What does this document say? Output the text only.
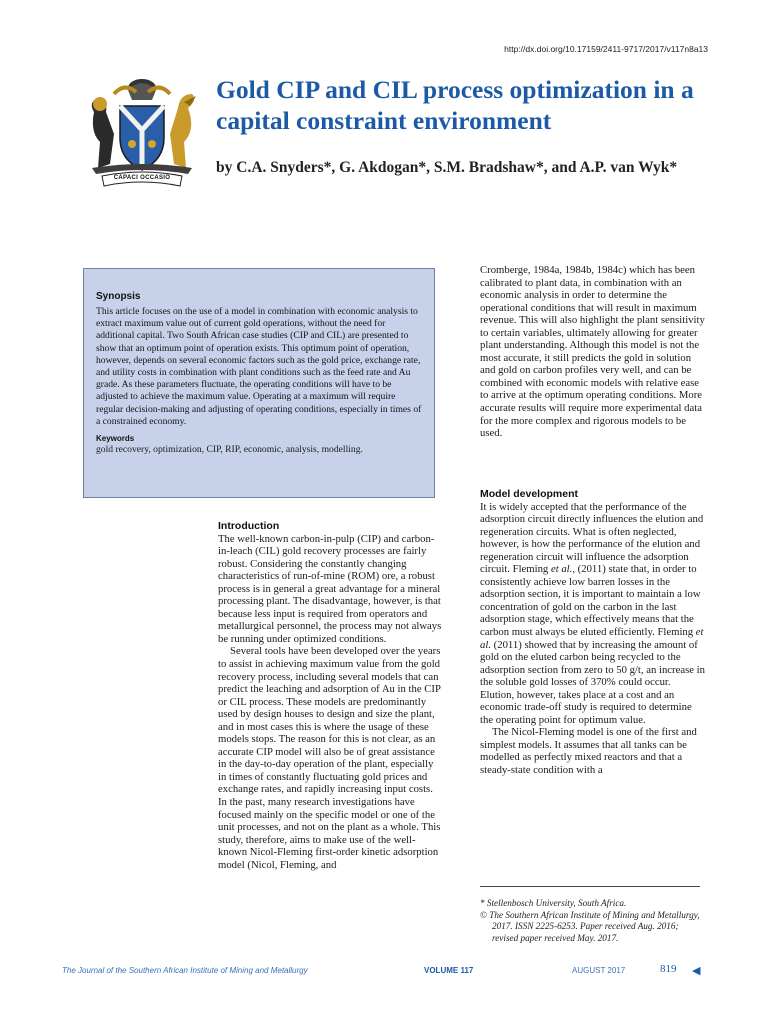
http://dx.doi.org/10.17159/2411-9717/2017/v117n8a13
CAPACI OCCASIO
Gold CIP and CIL process optimization in a capital constraint environment

by C.A. Snyders*, G. Akdogan*, S.M. Bradshaw*, and A.P. van Wyk*

Synopsis

This article focuses on the use of a model in combination with economic analysis to extract maximum value out of current gold operations, without the need for additional capital. Two South African case studies (CIP and CIL) are presented to show that an optimum point of operation exists. This optimum point of operation, however, depends on several economic factors such as the gold price, exchange rate, and utility costs in combination with plant conditions such as the feed rate and Au grade. As these parameters fluctuate, the operating conditions will have to be adjusted to achieve the maximum value. Operating at a maximum will require regular decision-making and adjusting of operating conditions, especially in times of a constrained economy.

Keywords

gold recovery, optimization, CIP, RIP, economic, analysis, modelling.

Introduction

The well-known carbon-in-pulp (CIP) and carbon-in-leach (CIL) gold recovery processes are fairly robust. Considering the constantly changing characteristics of run-of-mine (ROM) ore, a robust process is in general a great advantage for a mineral processing plant. The disadvantage, however, is that because less input is required from operators and metallurgical personnel, the process may not always be running under optimized conditions.

Several tools have been developed over the years to assist in achieving maximum value from the gold recovery process, including several models that can predict the leaching and adsorption of Au in the CIP or CIL process. These models are predominantly used by design houses to design and size the plant, and in most cases this is where the usage of these models stops. The reason for this is not clear, as an accurate CIP model will also be of great assistance in the day-to-day operation of the plant, especially in times of constantly fluctuating gold prices and exchange rates, and rapidly increasing input costs. In the past, many research investigations have focused mainly on the specific model or one of the unit processes, and not on the plant as a whole. This study, therefore, aims to make use of the well-known Nicol-Fleming first-order kinetic adsorption model (Nicol, Fleming, and

Cromberge, 1984a, 1984b, 1984c) which has been calibrated to plant data, in combination with an economic analysis in order to determine the operational conditions that will result in maximum revenue. This will also highlight the plant sensitivity to certain variables, ultimately allowing for greater plant understanding. Although this model is not the most accurate, it still predicts the gold in solution and gold on carbon profiles very well, and can be combined with economic models with relative ease to arrive at the optimum operating conditions. More accurate results will require more experimental data for the more complex and rigorous models to be used.

Model development

It is widely accepted that the performance of the adsorption circuit directly influences the elution and regeneration circuits. What is often neglected, however, is how the performance of the elution and regeneration circuit will influence the adsorption circuit. Fleming et al., (2011) state that, in order to consistently achieve low barren losses in the adsorption section, it is important to maintain a low concentration of gold on the carbon in the last adsorption stage, which effectively means that the carbon must always be eluted efficiently. Fleming et al. (2011) showed that by increasing the amount of gold on the eluted carbon being recycled to the adsorption section from zero to 50 g/t, an increase in the soluble gold losses of 370% could occur. Elution, however, takes place at a cost and an economic trade-off study is required to determine the operating point for optimum value.

The Nicol-Fleming model is one of the first and simplest models. It assumes that all tanks can be modelled as perfectly mixed reactors and that a steady-state condition with a

* Stellenbosch University, South Africa.

© The Southern African Institute of Mining and Metallurgy, 2017. ISSN 2225-6253. Paper received Aug. 2016; revised paper received May. 2017.

The Journal of the Southern African Institute of Mining and Metallurgy	VOLUME 117	AUGUST 2017	819 ◀
